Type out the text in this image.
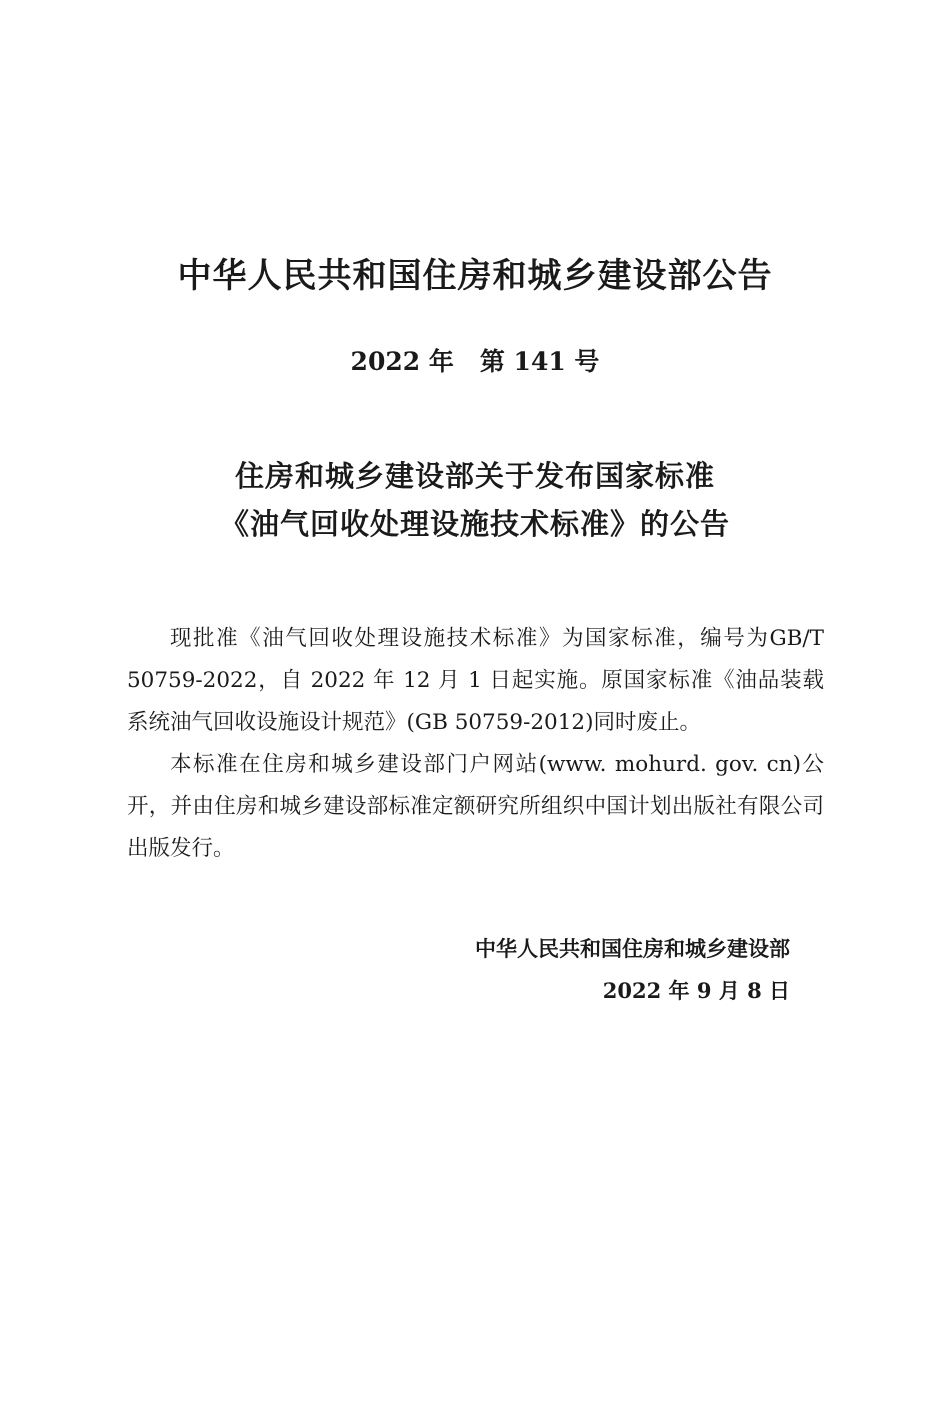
中华人民共和国住房和城乡建设部公告
2022 年 第 141 号
住房和城乡建设部关于发布国家标准
《油气回收处理设施技术标准》的公告

现批准《油气回收处理设施技术标准》为国家标准，编号为GB/T 50759-2022，自 2022 年 12 月 1 日起实施。原国家标准《油品装载系统油气回收设施设计规范》(GB 50759-2012)同时废止。

本标准在住房和城乡建设部门户网站(www. mohurd. gov. cn)公开，并由住房和城乡建设部标准定额研究所组织中国计划出版社有限公司出版发行。

中华人民共和国住房和城乡建设部
2022 年 9 月 8 日
